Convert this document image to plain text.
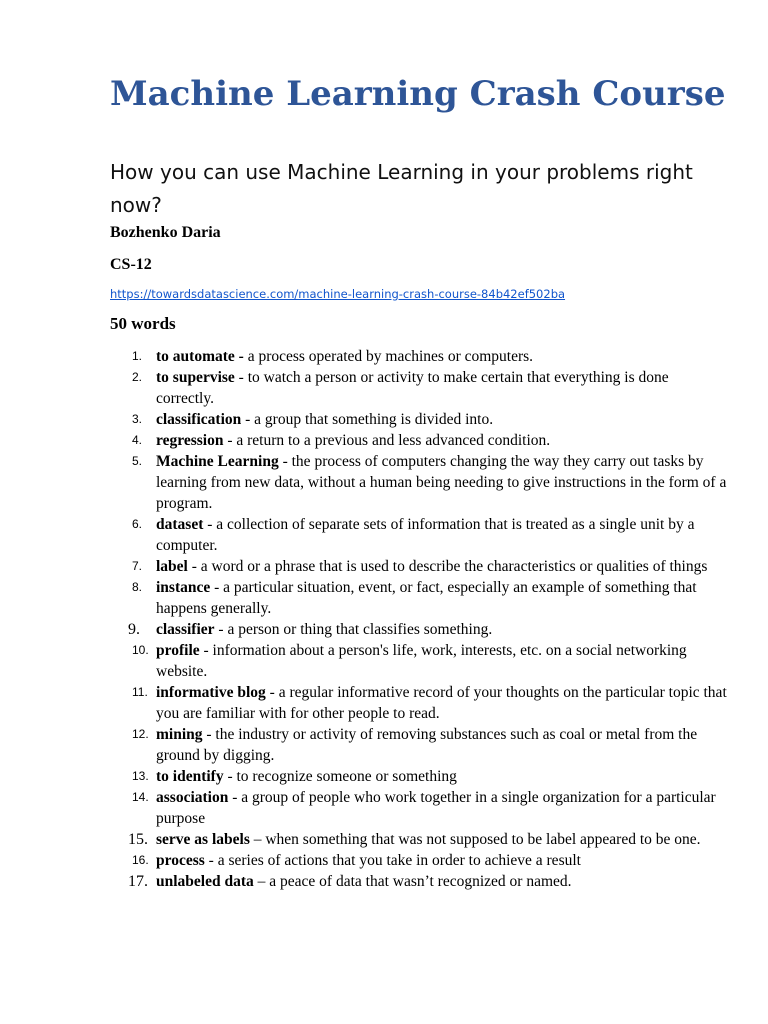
Machine Learning Crash Course

How you can use Machine Learning in your problems right now?

Bozhenko Daria
CS-12
https://towardsdatascience.com/machine-learning-crash-course-84b42ef502ba
50 words
1. to automate - a process operated by machines or computers.
2. to supervise - to watch a person or activity to make certain that everything is done correctly.
3. classification - a group that something is divided into.
4. regression - a return to a previous and less advanced condition.
5. Machine Learning - the process of computers changing the way they carry out tasks by learning from new data, without a human being needing to give instructions in the form of a program.
6. dataset - a collection of separate sets of information that is treated as a single unit by a computer.
7. label - a word or a phrase that is used to describe the characteristics or qualities of things
8. instance - a particular situation, event, or fact, especially an example of something that happens generally.
9. classifier - a person or thing that classifies something.
10. profile - information about a person's life, work, interests, etc. on a social networking website.
11. informative blog - a regular informative record of your thoughts on the particular topic that you are familiar with for other people to read.
12. mining - the industry or activity of removing substances such as coal or metal from the ground by digging.
13. to identify - to recognize someone or something
14. association - a group of people who work together in a single organization for a particular purpose
15. serve as labels – when something that was not supposed to be label appeared to be one.
16. process - a series of actions that you take in order to achieve a result
17. unlabeled data – a peace of data that wasn’t recognized or named.
